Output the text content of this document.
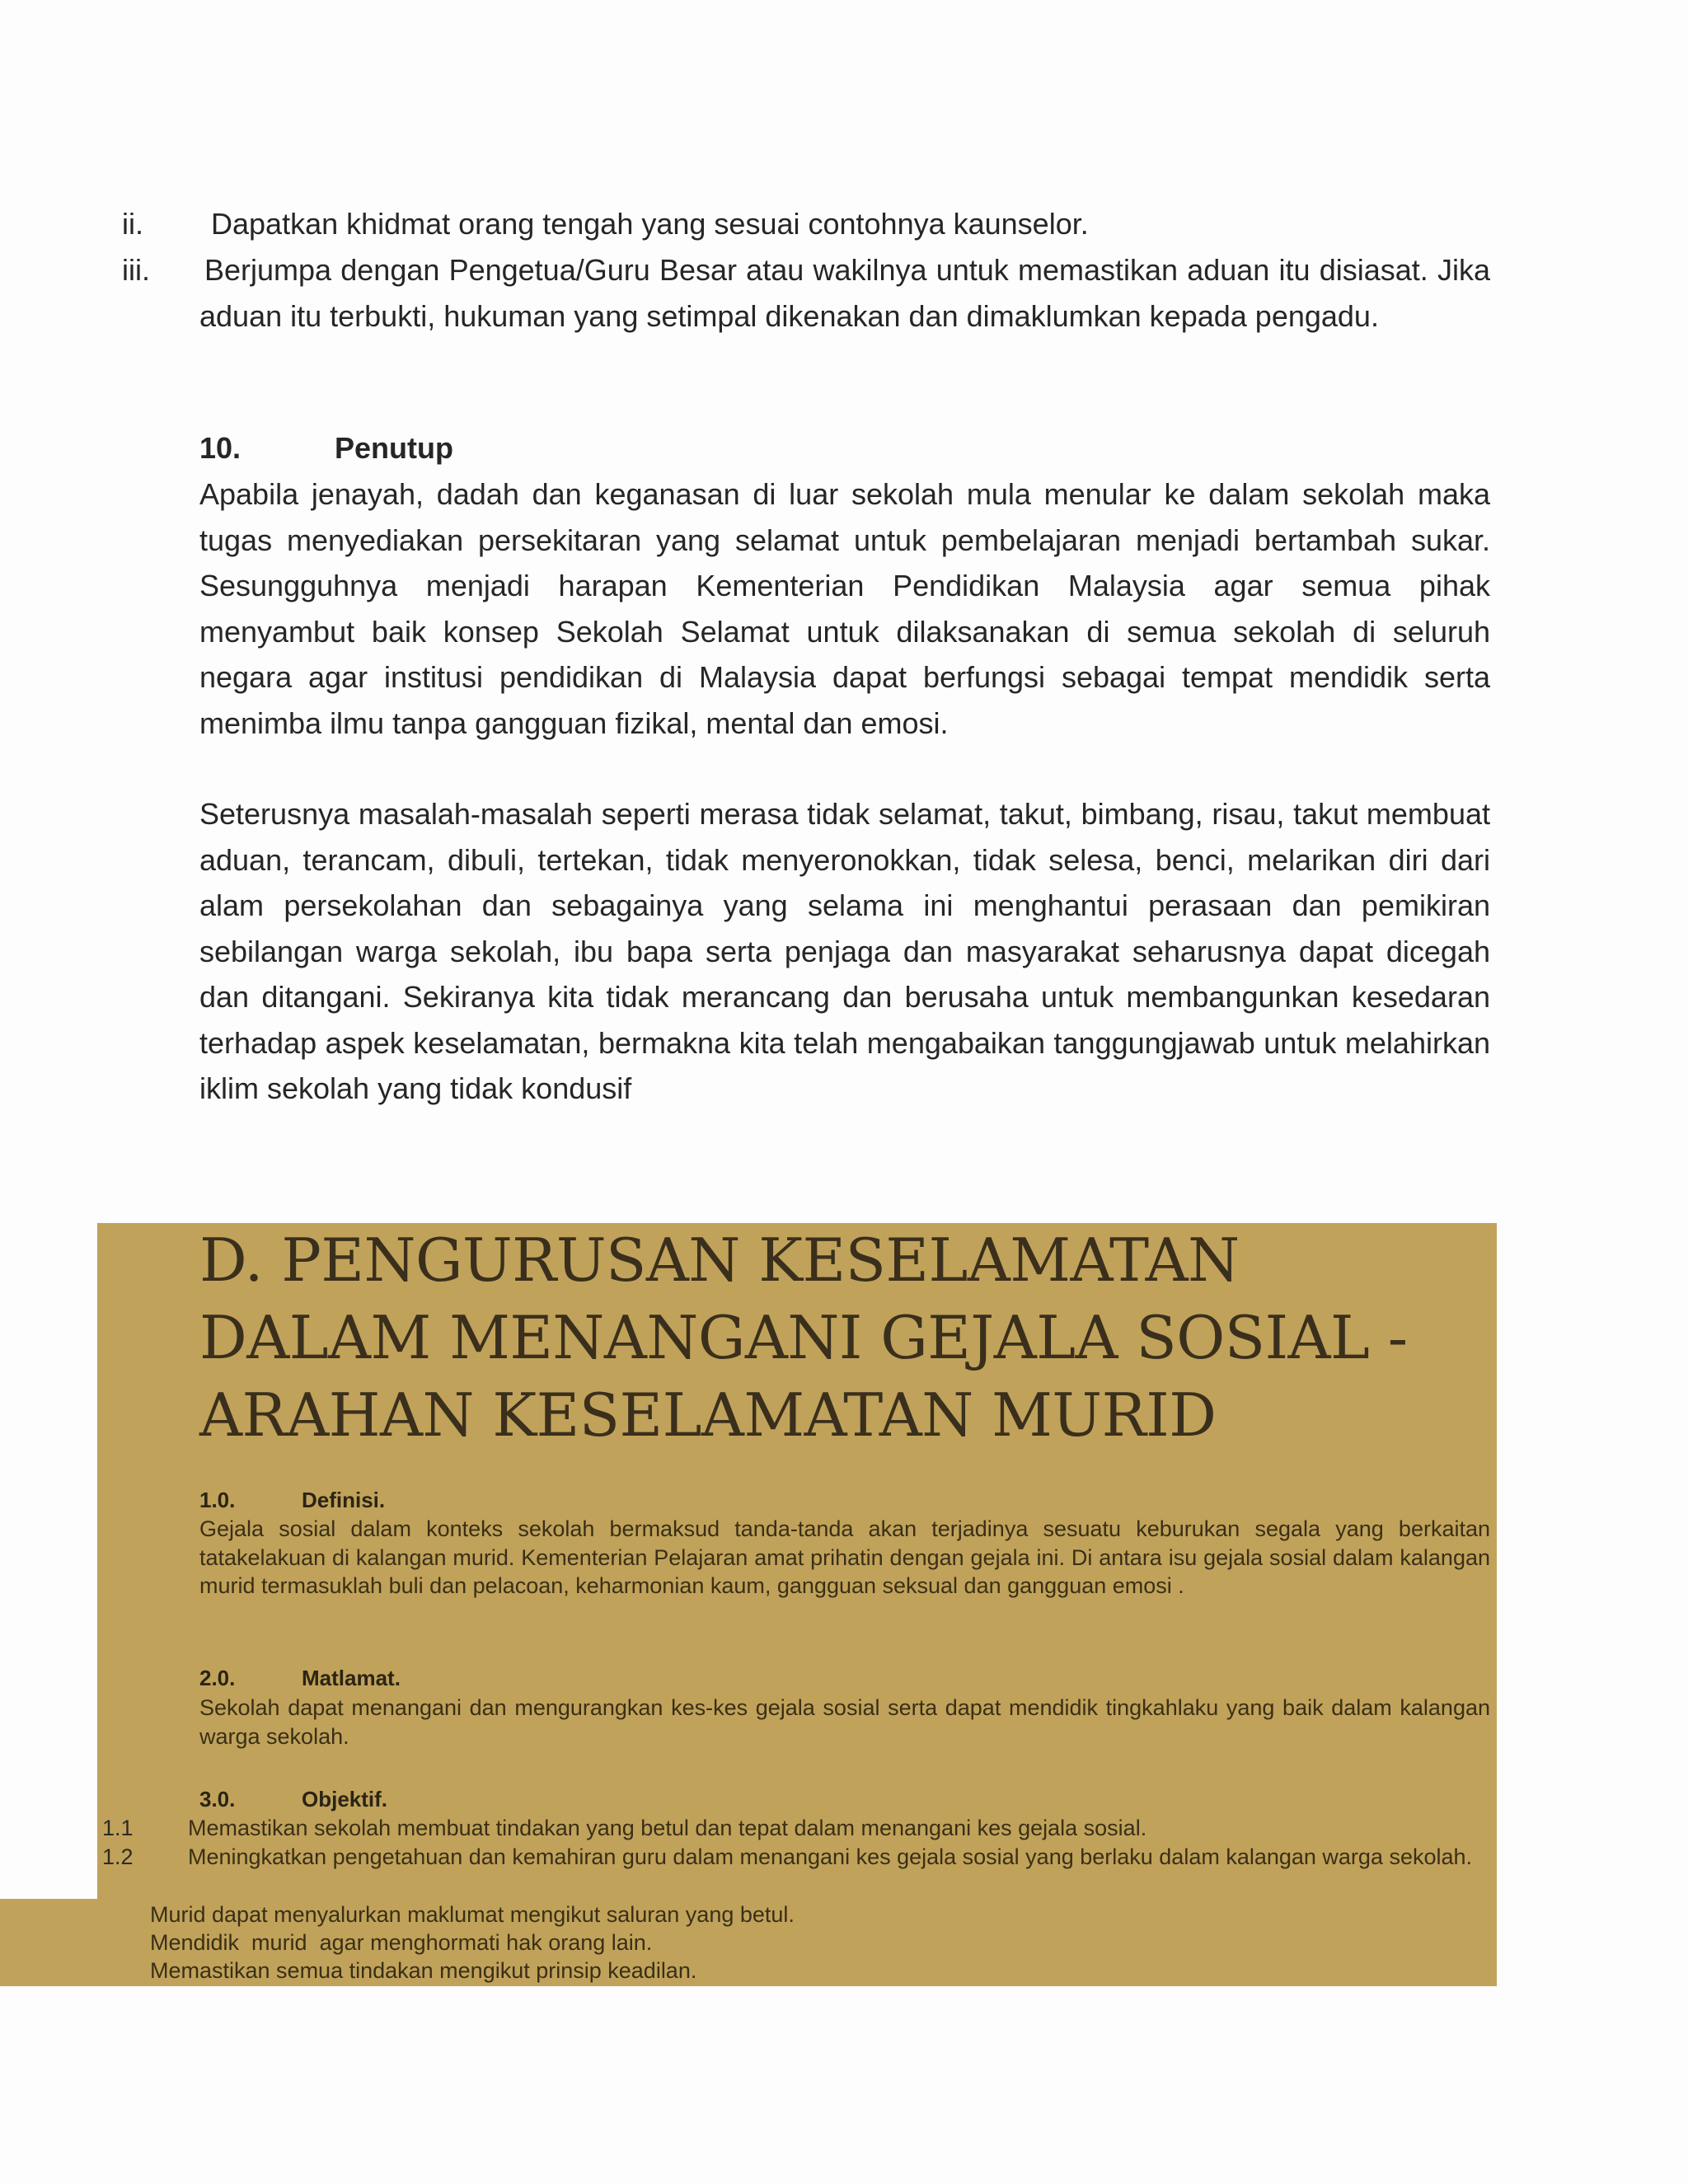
ii. Dapatkan khidmat orang tengah yang sesuai contohnya kaunselor.
iii. Berjumpa dengan Pengetua/Guru Besar atau wakilnya untuk memastikan aduan itu disiasat. Jika aduan itu terbukti, hukuman yang setimpal dikenakan dan dimaklumkan kepada pengadu.
10.	Penutup
Apabila jenayah, dadah dan keganasan di luar sekolah mula menular ke dalam sekolah maka tugas menyediakan persekitaran yang selamat untuk pembelajaran menjadi bertambah sukar. Sesungguhnya menjadi harapan Kementerian Pendidikan Malaysia agar semua pihak menyambut baik konsep Sekolah Selamat untuk dilaksanakan di semua sekolah di seluruh negara agar institusi pendidikan di Malaysia dapat berfungsi sebagai tempat mendidik serta menimba ilmu tanpa gangguan fizikal, mental dan emosi.
Seterusnya masalah-masalah seperti merasa tidak selamat, takut, bimbang, risau, takut membuat aduan, terancam, dibuli, tertekan, tidak menyeronokkan, tidak selesa, benci, melarikan diri dari alam persekolahan dan sebagainya yang selama ini menghantui perasaan dan pemikiran sebilangan warga sekolah, ibu bapa serta penjaga dan masyarakat seharusnya dapat dicegah dan ditangani. Sekiranya kita tidak merancang dan berusaha untuk membangunkan kesedaran terhadap aspek keselamatan, bermakna kita telah mengabaikan tanggungjawab untuk melahirkan iklim sekolah yang tidak kondusif
D. PENGURUSAN KESELAMATAN
DALAM MENANGANI GEJALA SOSIAL -
ARAHAN KESELAMATAN MURID
1.0.	Definisi.
Gejala sosial dalam konteks sekolah bermaksud tanda-tanda akan terjadinya sesuatu keburukan segala yang berkaitan tatakelakuan di kalangan murid. Kementerian Pelajaran amat prihatin dengan gejala ini. Di antara isu gejala sosial dalam kalangan murid termasuklah buli dan pelacoan, keharmonian kaum, gangguan seksual dan gangguan emosi .
2.0.	Matlamat.
Sekolah dapat menangani dan mengurangkan kes-kes gejala sosial serta dapat mendidik tingkahlaku yang baik dalam kalangan warga sekolah.
3.0.	Objektif.
1.1 Memastikan sekolah membuat tindakan yang betul dan tepat dalam menangani kes gejala sosial.
1.2 Meningkatkan pengetahuan dan kemahiran guru dalam menangani kes gejala sosial yang berlaku dalam kalangan warga sekolah.
Murid dapat menyalurkan maklumat mengikut saluran yang betul.
Mendidik  murid  agar menghormati hak orang lain.
Memastikan semua tindakan mengikut prinsip keadilan.
